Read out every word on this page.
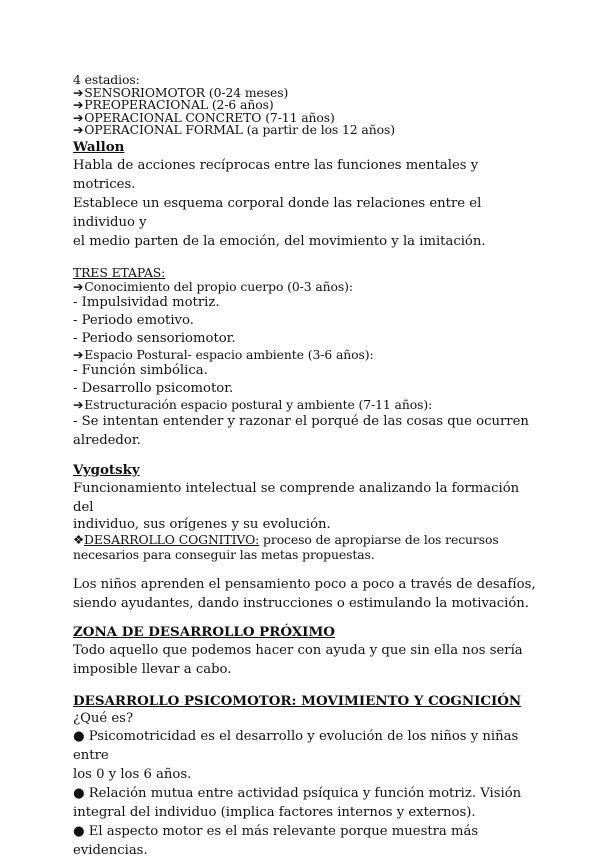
4 estadios:

➔SENSORIOMOTOR (0-24 meses)

➔PREOPERACIONAL (2-6 años)

➔OPERACIONAL CONCRETO (7-11 años)

➔OPERACIONAL FORMAL (a partir de los 12 años)

Wallon

Habla de acciones recíprocas entre las funciones mentales y motrices.

Establece un esquema corporal donde las relaciones entre el individuo y

el medio parten de la emoción, del movimiento y la imitación.

TRES ETAPAS:

➔Conocimiento del propio cuerpo (0-3 años):

- Impulsividad motriz.

- Periodo emotivo.

- Periodo sensoriomotor.

➔Espacio Postural- espacio ambiente (3-6 años):

- Función simbólica.

- Desarrollo psicomotor.

➔Estructuración espacio postural y ambiente (7-11 años):

- Se intentan entender y razonar el porqué de las cosas que ocurren

alrededor.

Vygotsky

Funcionamiento intelectual se comprende analizando la formación del

individuo, sus orígenes y su evolución.

❖DESARROLLO COGNITIVO: proceso de apropiarse de los recursos

necesarios para conseguir las metas propuestas.

Los niños aprenden el pensamiento poco a poco a través de desafíos,

siendo ayudantes, dando instrucciones o estimulando la motivación.

ZONA DE DESARROLLO PRÓXIMO

Todo aquello que podemos hacer con ayuda y que sin ella nos sería

imposible llevar a cabo.

DESARROLLO PSICOMOTOR: MOVIMIENTO Y COGNICIÓN

¿Qué es?

● Psicomotricidad es el desarrollo y evolución de los niños y niñas entre

los 0 y los 6 años.

● Relación mutua entre actividad psíquica y función motriz. Visión

integral del individuo (implica factores internos y externos).

● El aspecto motor es el más relevante porque muestra más evidencias.
